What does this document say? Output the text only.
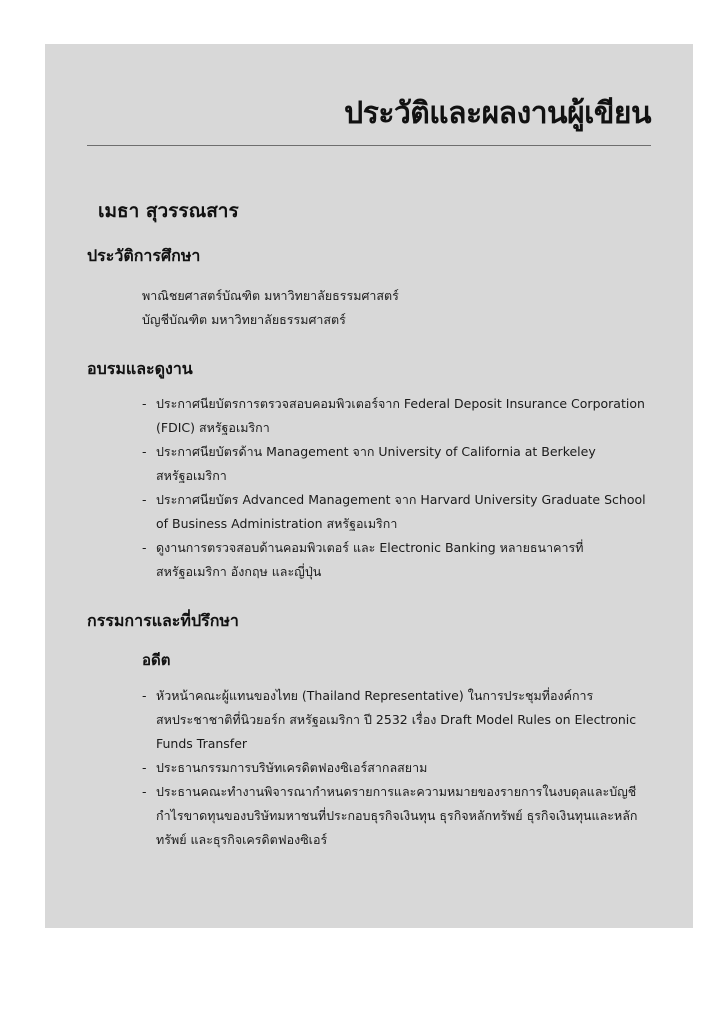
ประวัติและผลงานผู้เขียน
เมธา สุวรรณสาร
ประวัติการศึกษา
พาณิชยศาสตร์บัณฑิต มหาวิทยาลัยธรรมศาสตร์
บัญชีบัณฑิต มหาวิทยาลัยธรรมศาสตร์
อบรมและดูงาน
-
ประกาศนียบัตรการตรวจสอบคอมพิวเตอร์จาก Federal Deposit Insurance Corporation (FDIC) สหรัฐอเมริกา
-
ประกาศนียบัตรด้าน Management จาก University of California at Berkeley สหรัฐอเมริกา
-
ประกาศนียบัตร Advanced Management จาก Harvard University Graduate School of Business Administration สหรัฐอเมริกา
-
ดูงานการตรวจสอบด้านคอมพิวเตอร์ และ Electronic Banking หลายธนาคารที่สหรัฐอเมริกา อังกฤษ และญี่ปุ่น
กรรมการและที่ปรึกษา
อดีต
-
หัวหน้าคณะผู้แทนของไทย (Thailand Representative) ในการประชุมที่องค์การสหประชาชาติที่นิวยอร์ก สหรัฐอเมริกา ปี 2532 เรื่อง Draft Model Rules on Electronic Funds Transfer
-
ประธานกรรมการบริษัทเครดิตฟองซิเอร์สากลสยาม
-
ประธานคณะทำงานพิจารณากำหนดรายการและความหมายของรายการในงบดุลและบัญชีกำไรขาดทุนของบริษัทมหาชนที่ประกอบธุรกิจเงินทุน ธุรกิจหลักทรัพย์ ธุรกิจเงินทุนและหลักทรัพย์ และธุรกิจเครดิตฟองซิเอร์
